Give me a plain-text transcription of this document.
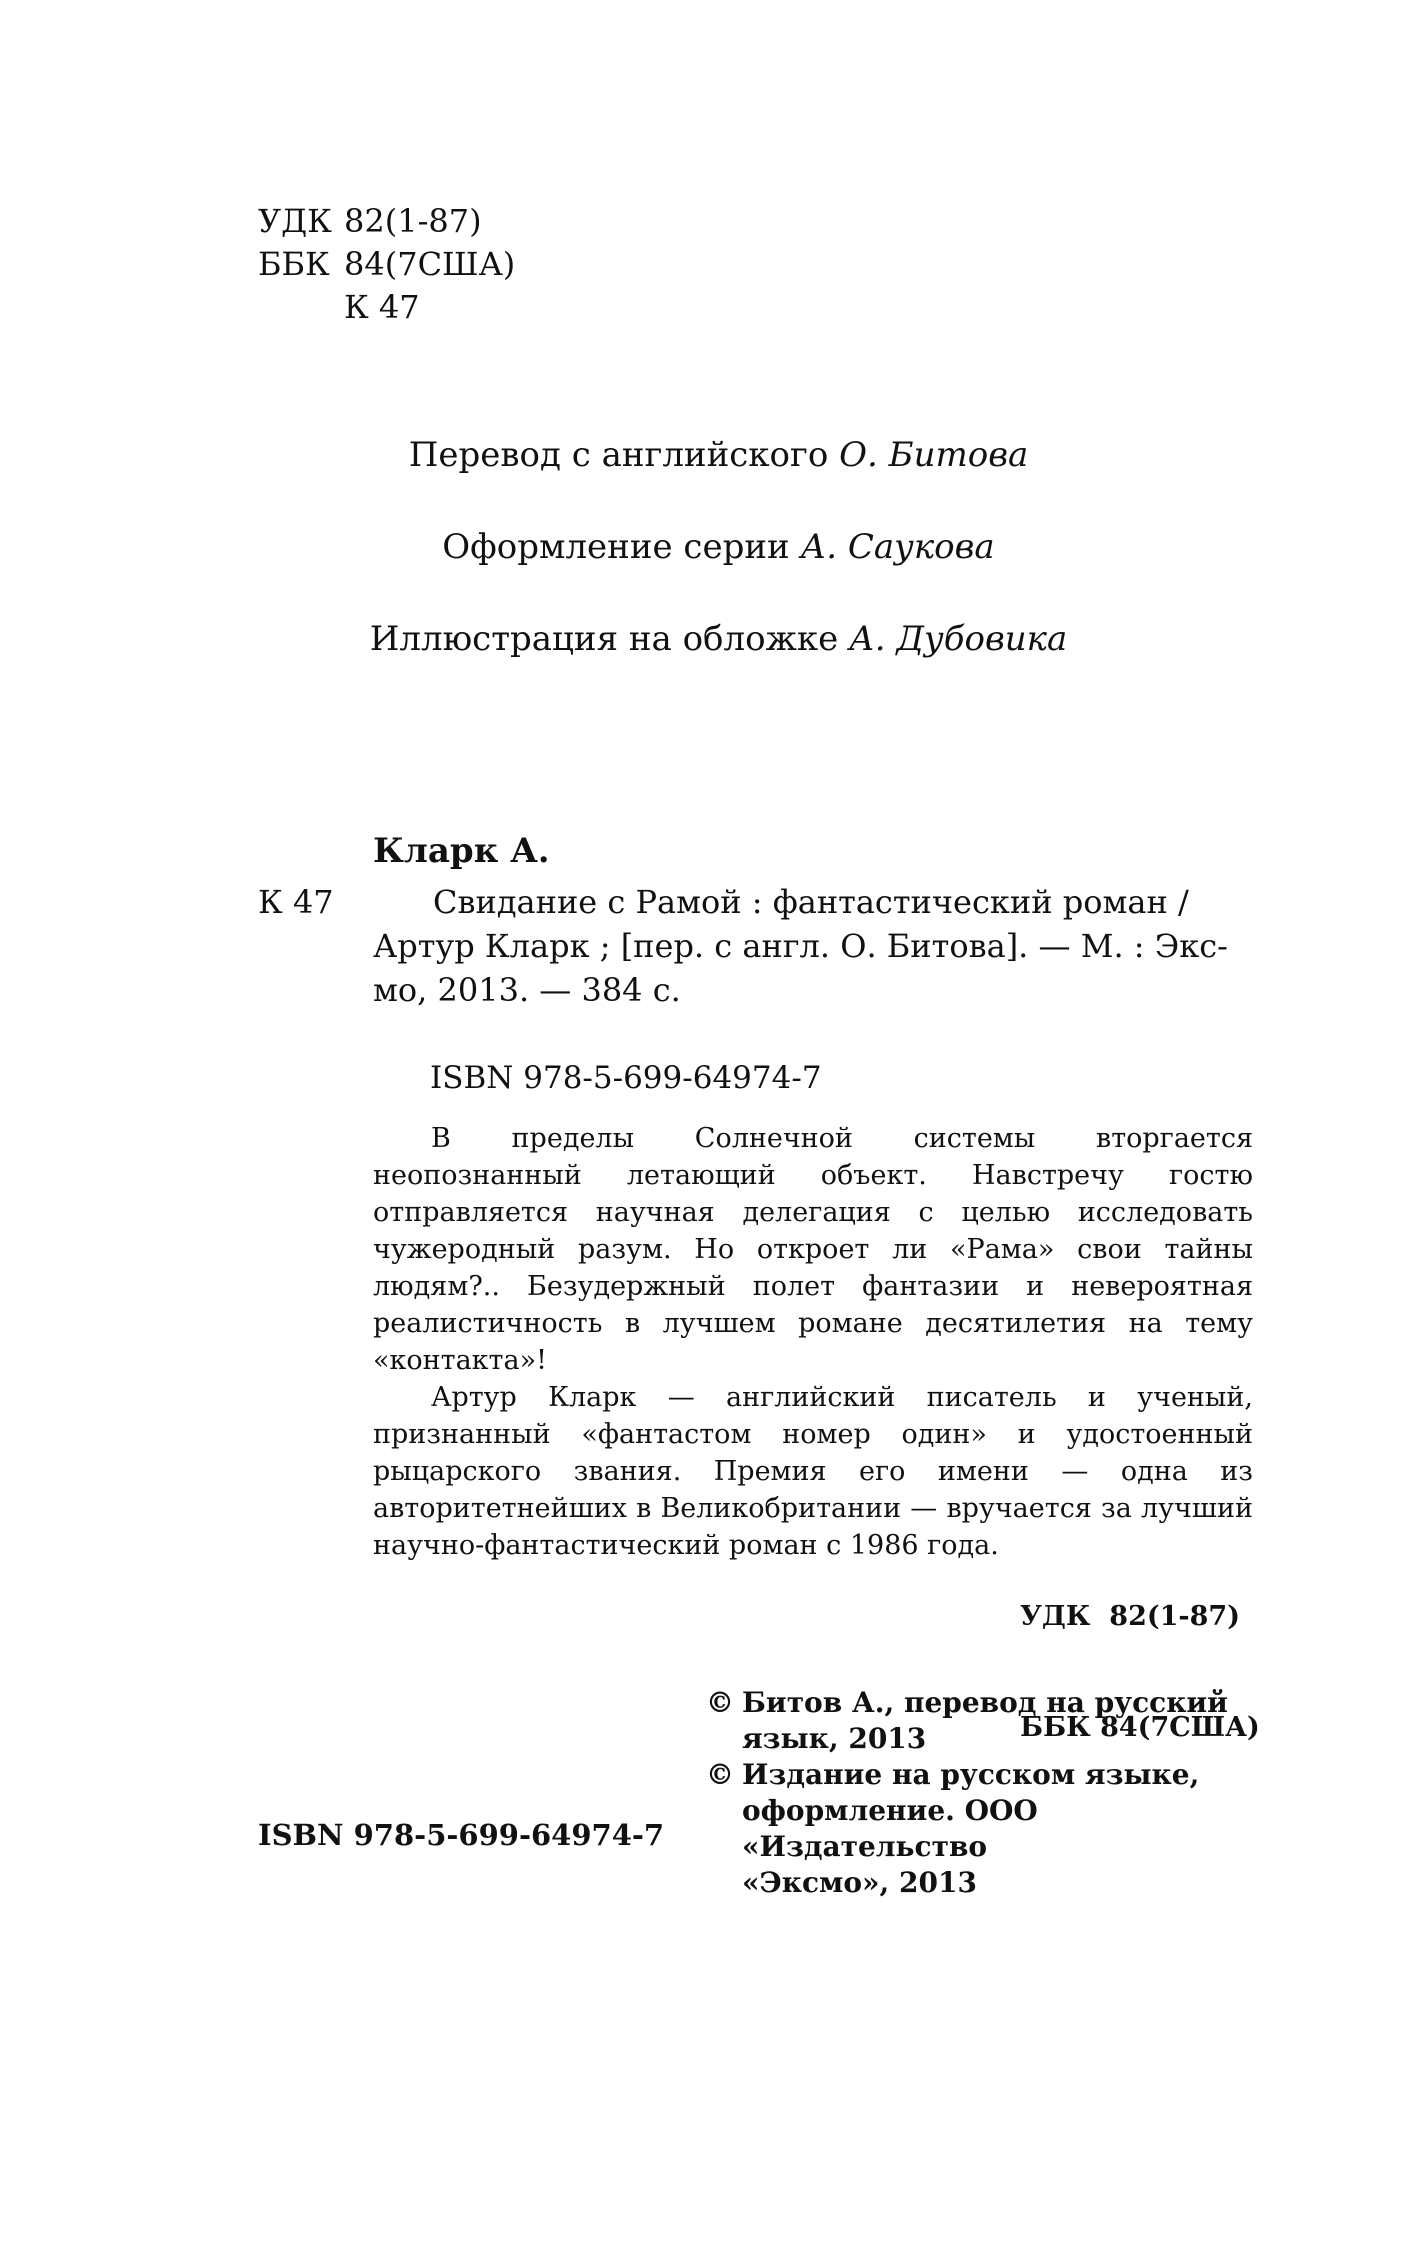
УДК 82(1-87)
ББК 84(7США)
К 47
Перевод с английского О. Битова
Оформление серии А. Саукова
Иллюстрация на обложке А. Дубовика
Кларк А.
К 47	Свидание с Рамой : фантастический роман /
Артур Кларк ; [пер. с англ. О. Битова]. — М. : Экс-
мо, 2013. — 384 с.
ISBN 978-5-699-64974-7

В пределы Солнечной системы вторгается неопознанный летающий объект. Навстречу гостю отправляется научная делегация с целью исследовать чужеродный разум. Но откроет ли «Рама» свои тайны людям?.. Безудержный полет фантазии и невероятная реалистичность в лучшем романе десятилетия на тему «контакта»!

Артур Кларк — английский писатель и ученый, признанный «фантастом номер один» и удостоенный рыцарского звания. Премия его имени — одна из авторитетнейших в Великобритании — вручается за лучший научно-фантастический роман с 1986 года.

УДК  82(1-87)

ББК 84(7США)

© Битов А., перевод на русский
язык, 2013
© Издание на русском языке,
оформление. ООО «Издательство
«Эксмо», 2013
ISBN 978-5-699-64974-7
